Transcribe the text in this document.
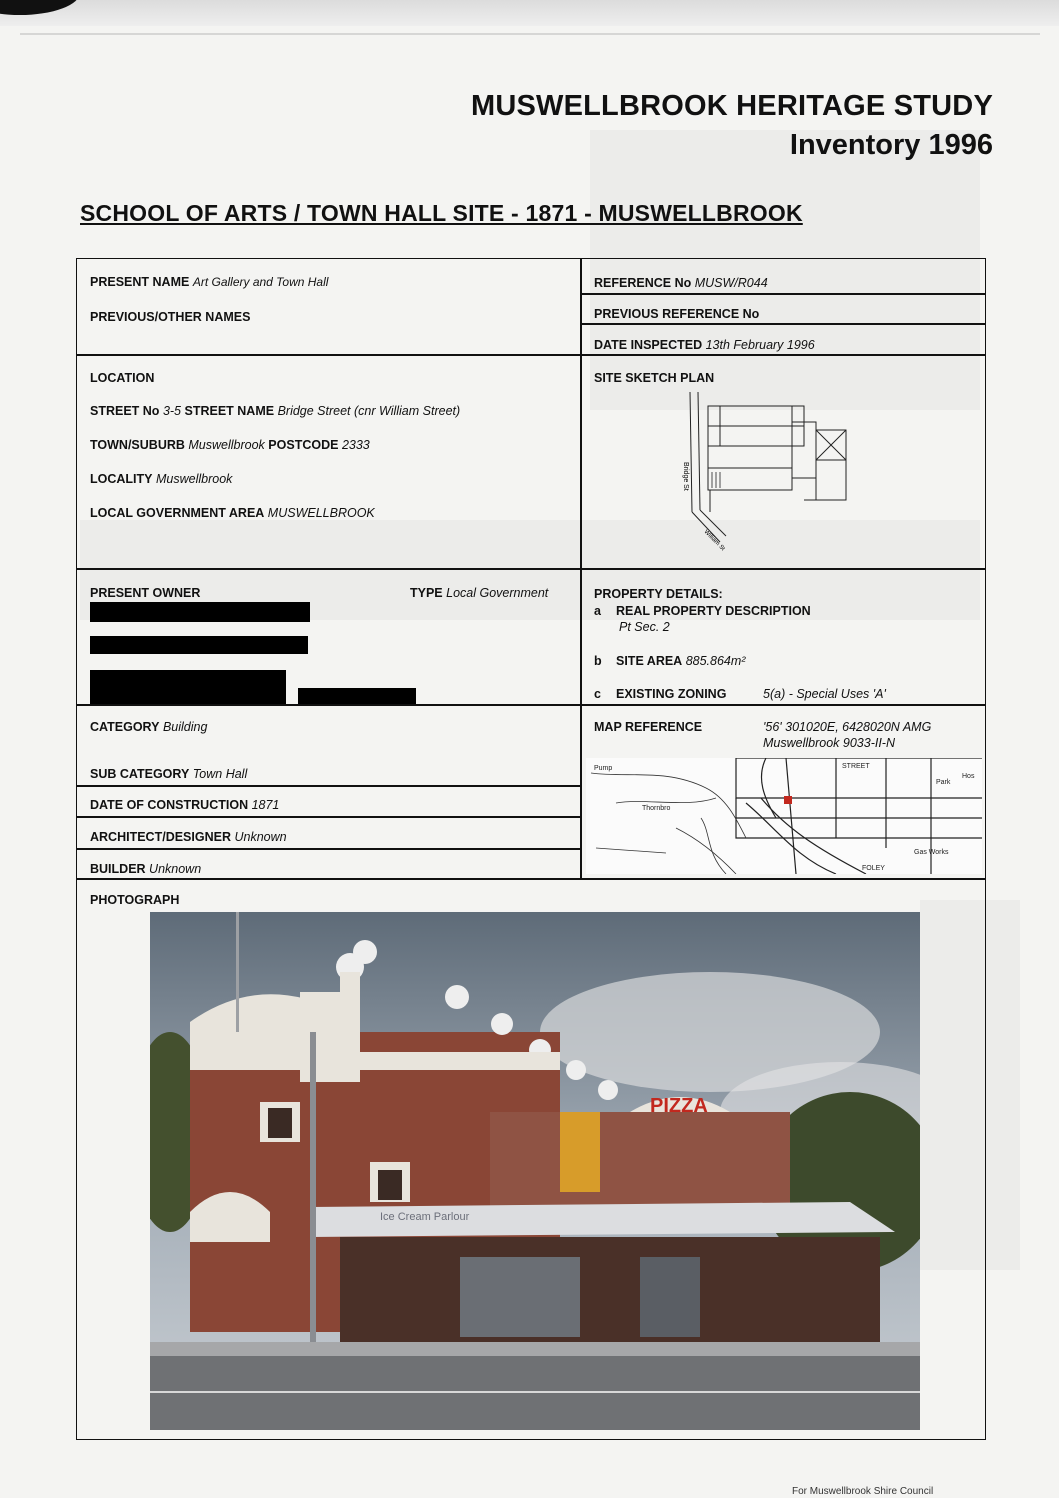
MUSWELLBROOK HERITAGE STUDY
Inventory 1996
SCHOOL OF ARTS / TOWN HALL SITE - 1871 - MUSWELLBROOK
PRESENT NAME Art Gallery and Town Hall
PREVIOUS/OTHER NAMES
REFERENCE No MUSW/R044
PREVIOUS REFERENCE No
DATE INSPECTED 13th February 1996
LOCATION
STREET No 3-5 STREET NAME Bridge Street (cnr William Street)
TOWN/SUBURB Muswellbrook POSTCODE 2333
LOCALITY Muswellbrook
LOCAL GOVERNMENT AREA MUSWELLBROOK
SITE SKETCH PLAN
Bridge St
William St
PRESENT OWNER	TYPE Local Government	PROPERTY DETAILS:
a REAL PROPERTY DESCRIPTION
Pt Sec. 2
b SITE AREA 885.864m²
c EXISTING ZONING	5(a) - Special Uses 'A'
CATEGORY Building
SUB CATEGORY Town Hall
DATE OF CONSTRUCTION 1871
ARCHITECT/DESIGNER Unknown
BUILDER Unknown
MAP REFERENCE	'56' 301020E, 6428020N AMG
Muswellbrook 9033-II-N
Pump	STREET
Park
Thornbro
Gas Works
FOLEY
Hos
PHOTOGRAPH
PIZZA
Ice Cream Parlour
For Muswellbrook Shire Council
